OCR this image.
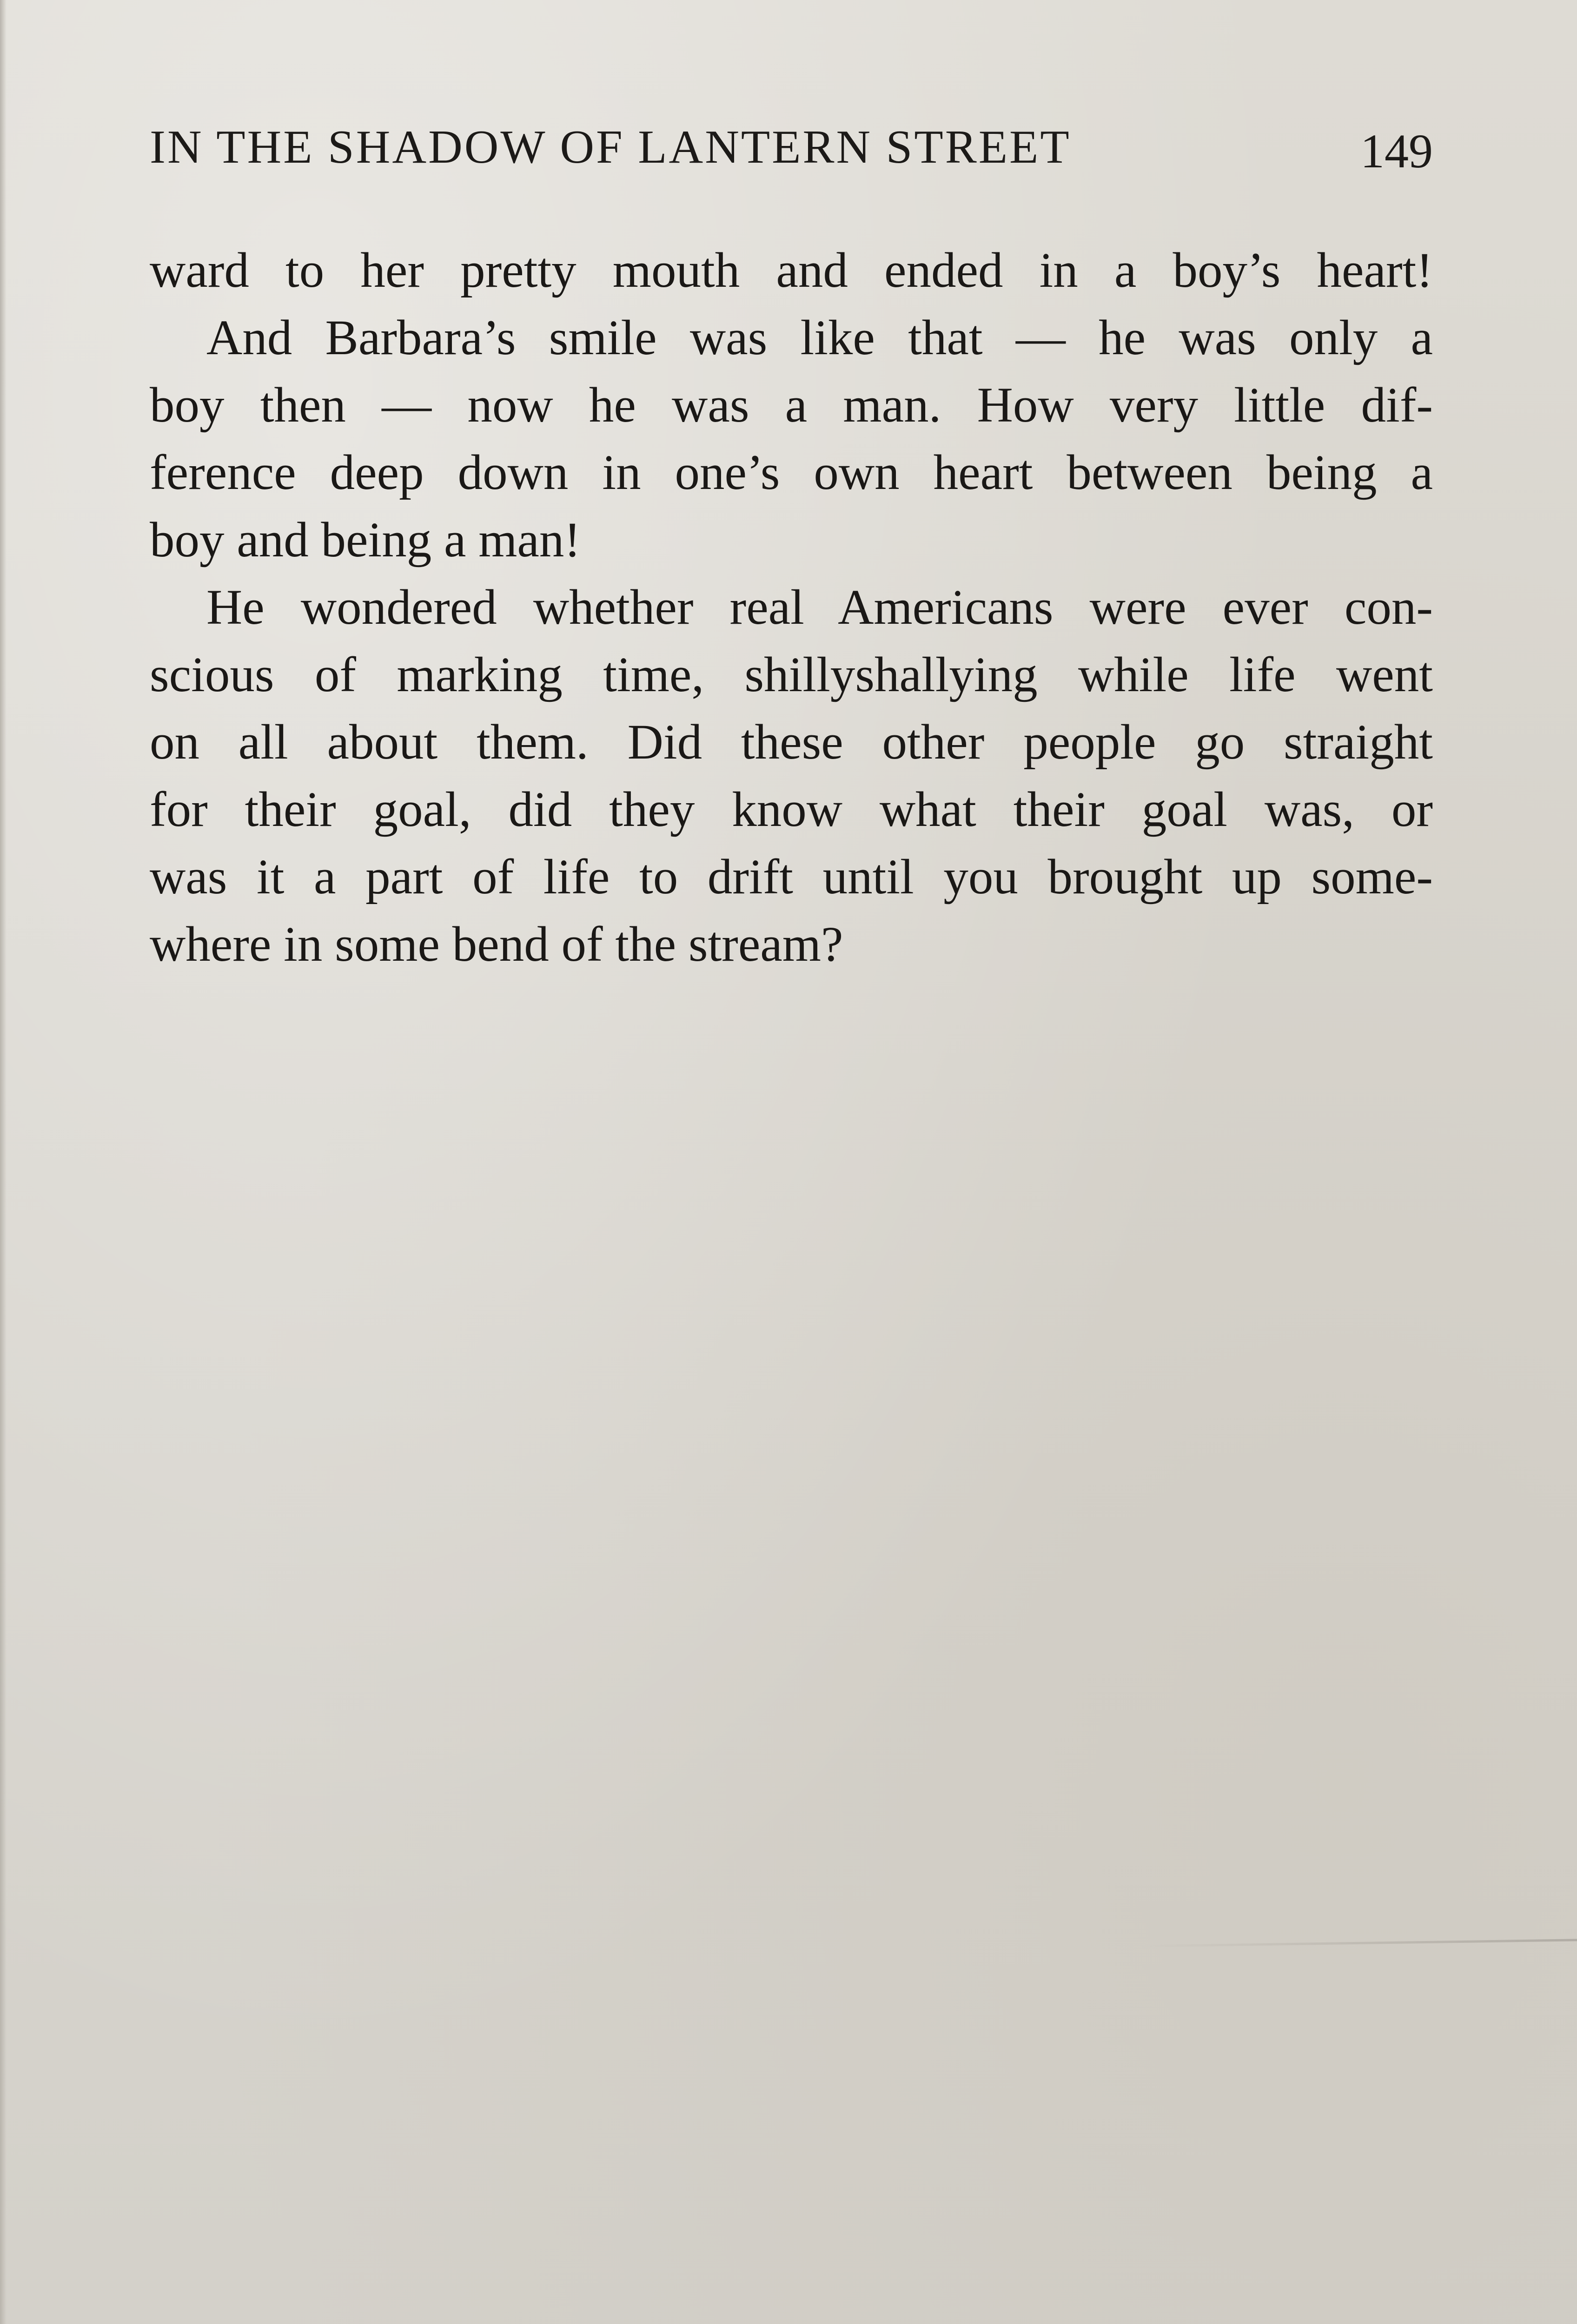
IN THE SHADOW OF LANTERN STREET	149
ward to her pretty mouth and ended in a boy’s heart!
And Barbara’s smile was like that — he was only a
boy then — now he was a man. How very little dif-
ference deep down in one’s own heart between being a
boy and being a man!
He wondered whether real Americans were ever con-
scious of marking time, shillyshallying while life went
on all about them. Did these other people go straight
for their goal, did they know what their goal was, or
was it a part of life to drift until you brought up some-
where in some bend of the stream?
